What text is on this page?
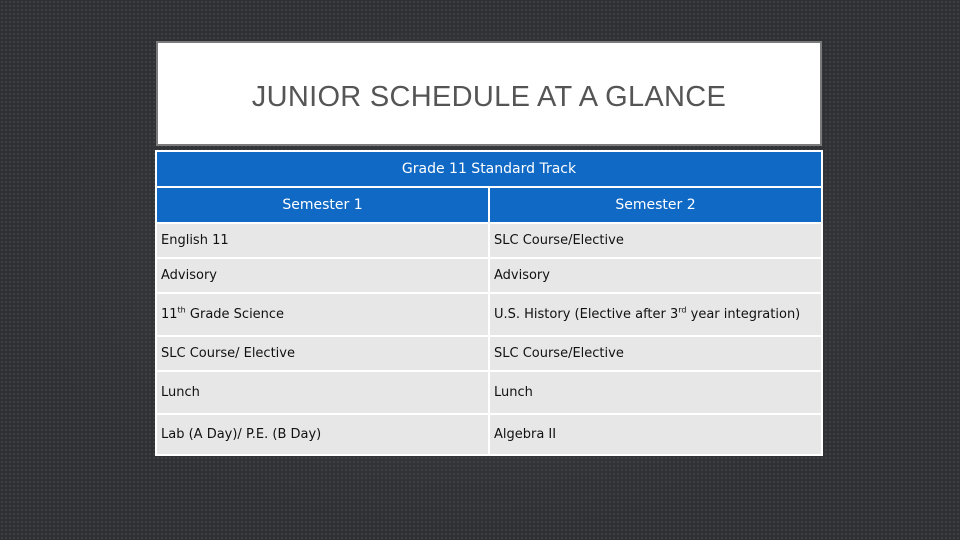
JUNIOR SCHEDULE AT A GLANCE
Grade 11 Standard Track	
Semester 1	Semester 2
English 11	SLC Course/Elective
Advisory	Advisory
11th Grade Science	U.S. History (Elective after 3rd year integration)
SLC Course/ Elective	SLC Course/Elective
Lunch	Lunch
Lab (A Day)/ P.E. (B Day)	Algebra II
